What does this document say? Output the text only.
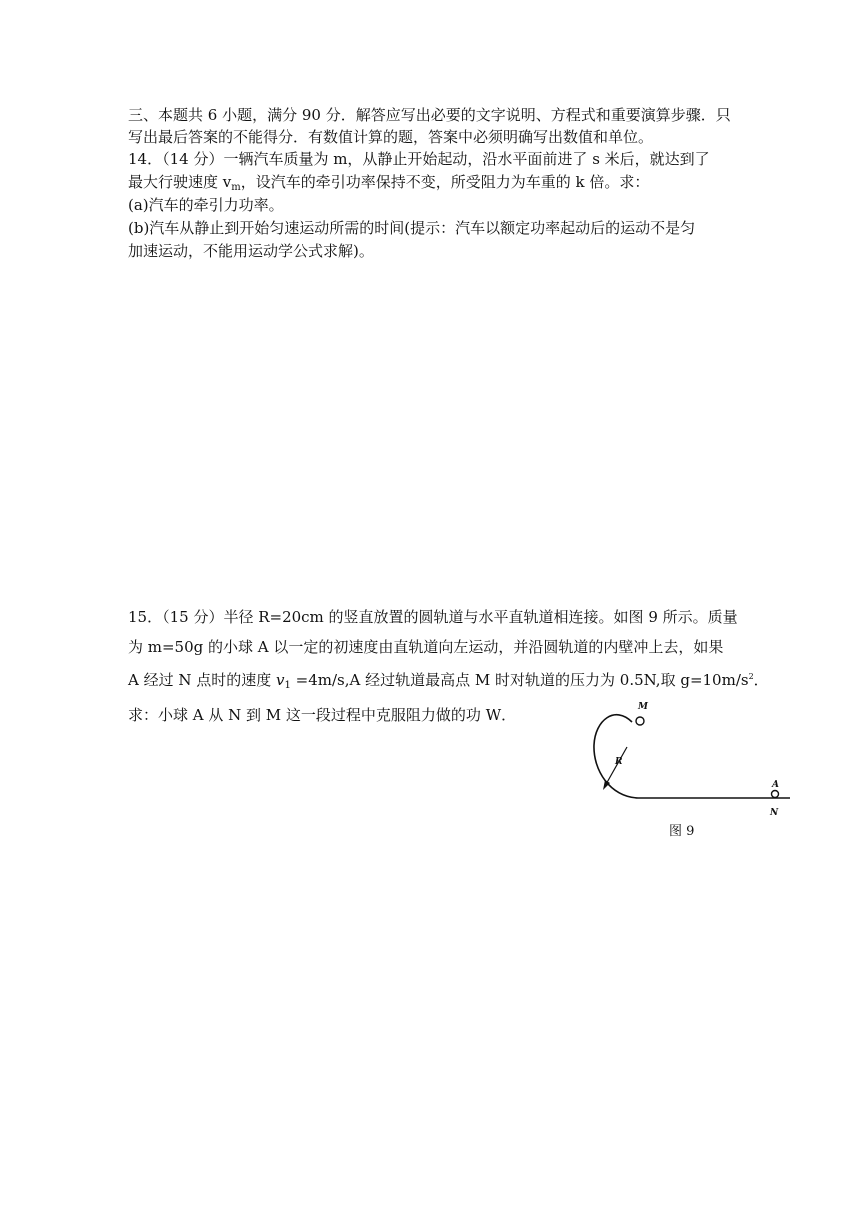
三、本题共 6 小题，满分 90 分．解答应写出必要的文字说明、方程式和重要演算步骤．只
写出最后答案的不能得分．有数值计算的题，答案中必须明确写出数值和单位。
14．（14 分）一辆汽车质量为 m，从静止开始起动，沿水平面前进了 s 米后，就达到了
最大行驶速度 $v_m$，设汽车的牵引功率保持不变，所受阻力为车重的 k 倍。求：
(a)汽车的牵引力功率。
(b)汽车从静止到开始匀速运动所需的时间(提示：汽车以额定功率起动后的运动不是匀
加速运动，不能用运动学公式求解)。
15．（15 分）半径 R=20cm 的竖直放置的圆轨道与水平直轨道相连接。如图 9 所示。质量
为 m=50g 的小球 A 以一定的初速度由直轨道向左运动，并沿圆轨道的内壁冲上去，如果
A 经过 N 点时的速度 $v_1 =4m/s,A$ 经过轨道最高点 M 时对轨道的压力为 0.5N,取 $g=10m/s^2$．
求：小球 A 从 N 到 M 这一段过程中克服阻力做的功 W．	M
R
A
N
图 9
